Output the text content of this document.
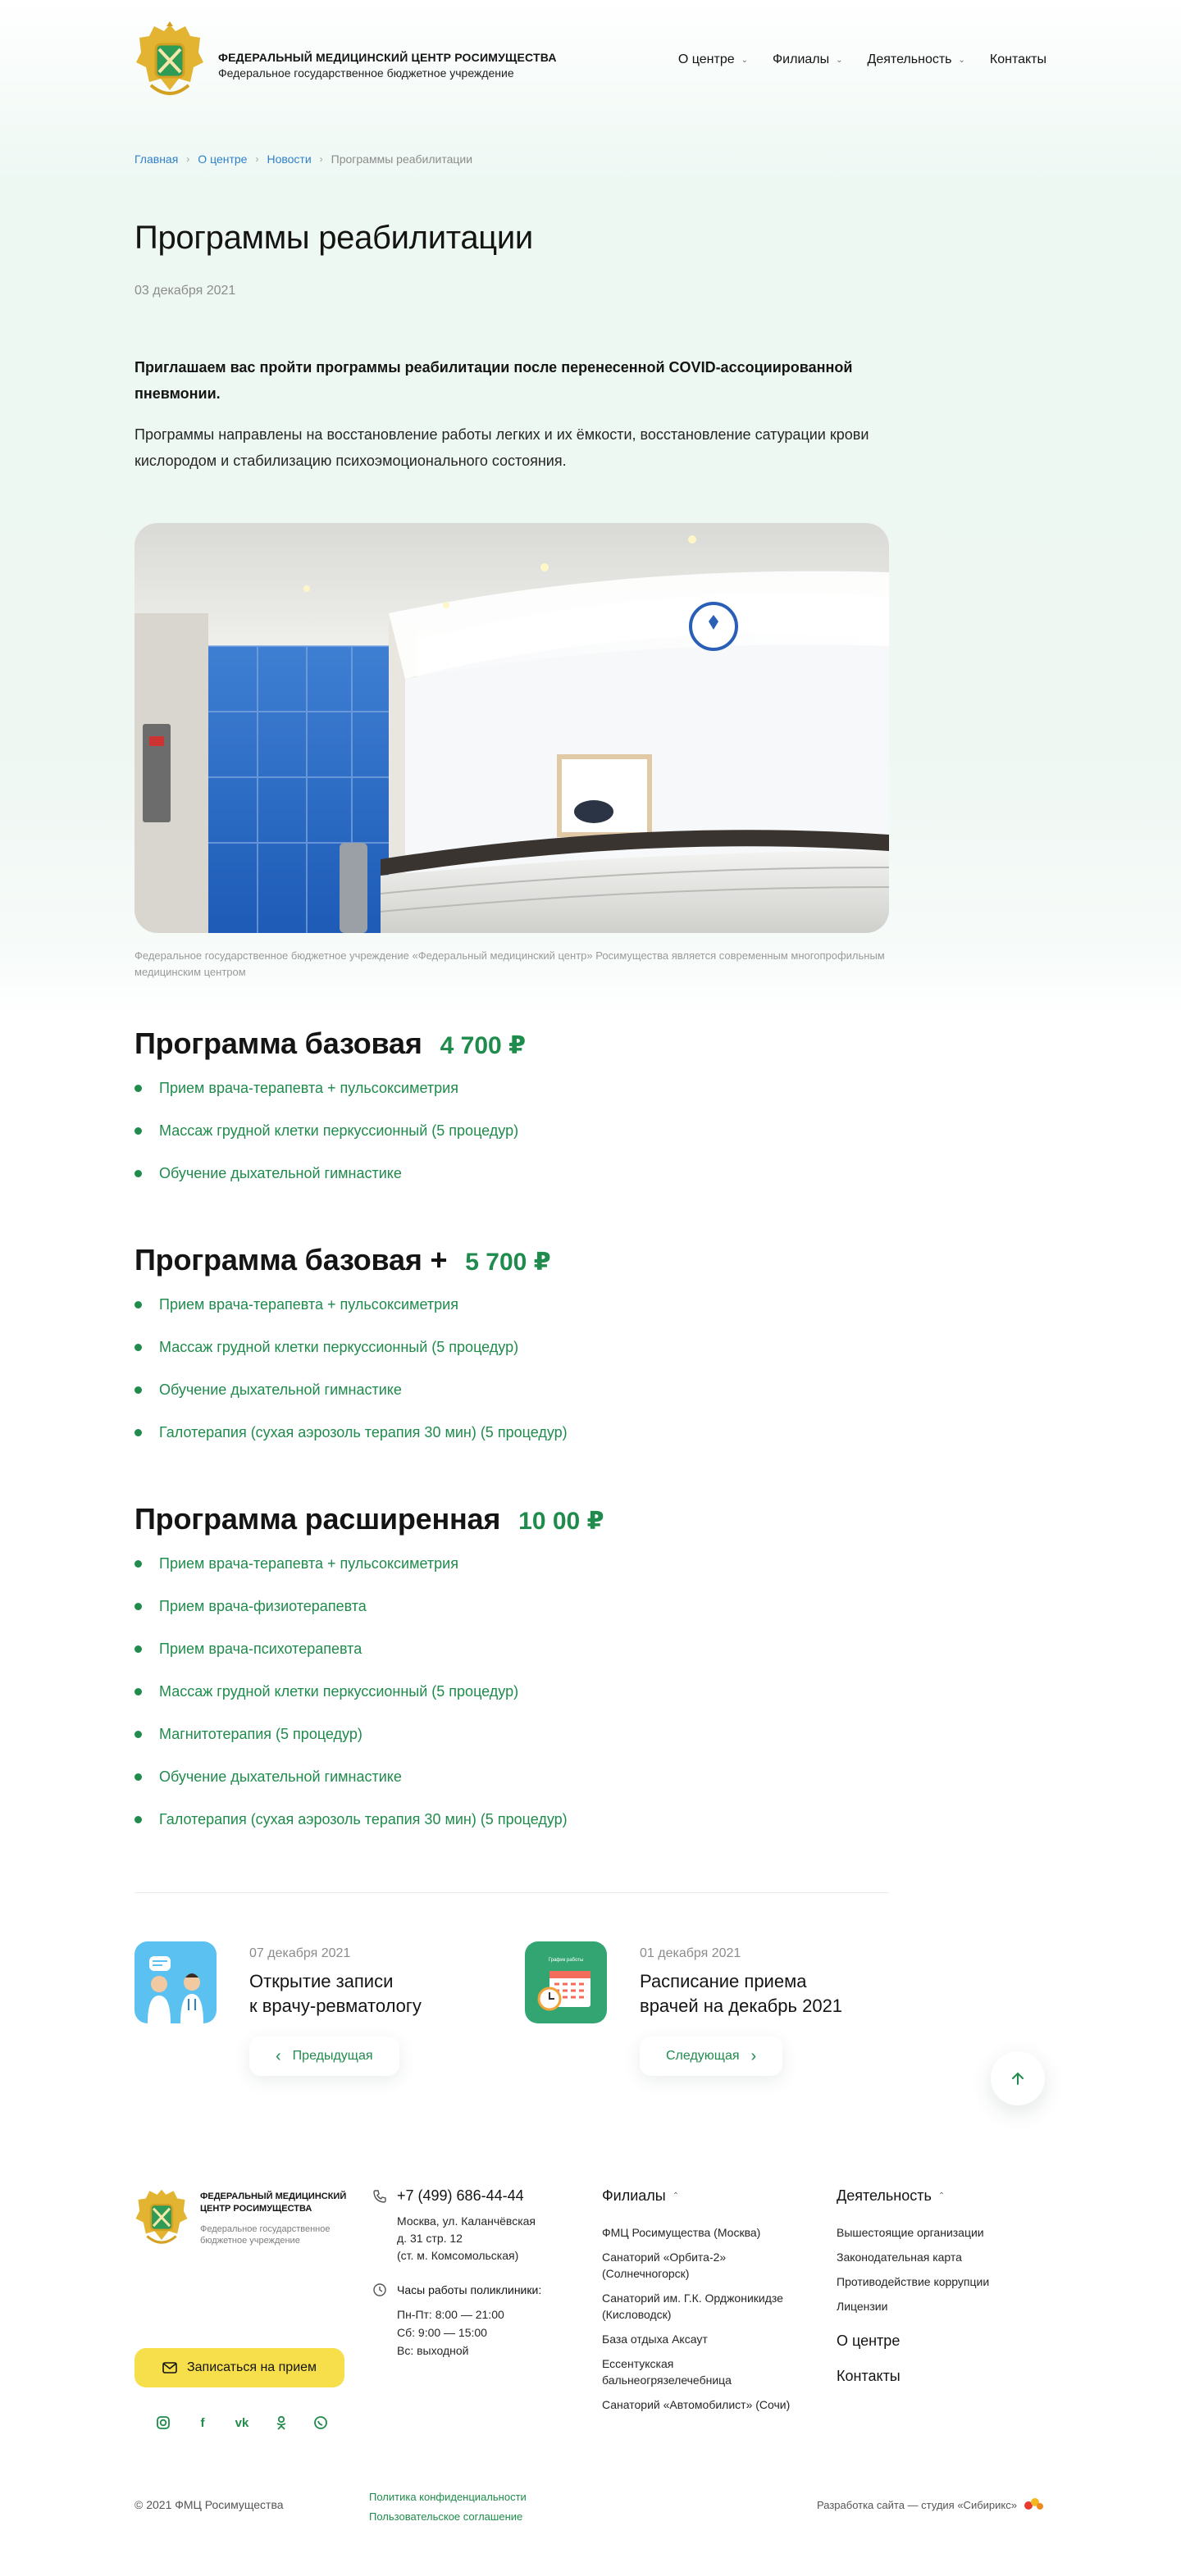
ФЕДЕРАЛЬНЫЙ МЕДИЦИНСКИЙ ЦЕНТР РОСИМУЩЕСТВА
Федеральное государственное бюджетное учреждение
О центре ⌄ Филиалы ⌄ Деятельность ⌄ Контакты
Главная › О центре › Новости › Программы реабилитации
Программы реабилитации
03 декабря 2021

Приглашаем вас пройти программы реабилитации после перенесенной COVID-ассоциированной пневмонии.

Программы направлены на восстановление работы легких и их ёмкости, восстановление сатурации крови кислородом и стабилизацию психоэмоционального состояния.

Федеральное государственное бюджетное учреждение «Федеральный медицинский центр» Росимущества является современным многопрофильным медицинским центром

Программа базовая 4 700 ₽
Прием врача-терапевта + пульсоксиметрия
Массаж грудной клетки перкуссионный (5 процедур)
Обучение дыхательной гимнастике
Программа базовая + 5 700 ₽
Прием врача-терапевта + пульсоксиметрия
Массаж грудной клетки перкуссионный (5 процедур)
Обучение дыхательной гимнастике
Галотерапия (сухая аэрозоль терапия 30 мин) (5 процедур)
Программа расширенная 10 00 ₽
Прием врача-терапевта + пульсоксиметрия
Прием врача-физиотерапевта
Прием врача-психотерапевта
Массаж грудной клетки перкуссионный (5 процедур)
Магнитотерапия (5 процедур)
Обучение дыхательной гимнастике
Галотерапия (сухая аэрозоль терапия 30 мин) (5 процедур)
07 декабря 2021
Открытие записи
к врачу-ревматологу
‹ Предыдущая
График работы	01 декабря 2021
Расписание приема
врачей на декабрь 2021
Следующая ›
ФЕДЕРАЛЬНЫЙ МЕДИЦИНСКИЙ ЦЕНТР РОСИМУЩЕСТВА
Федеральное государственное бюджетное учреждение
Записаться на прием
f	vk
+7 (499) 686-44-44
Москва, ул. Каланчёвская
д. 31 стр. 12
(ст. м. Комсомольская)
Часы работы поликлиники:
Пн-Пт: 8:00 — 21:00
Сб: 9:00 — 15:00
Вс: выходной
Филиалы ⌃
ФМЦ Росимущества (Москва)
Санаторий «Орбита-2» (Солнечногорск)
Санаторий им. Г.К. Орджоникидзе (Кисловодск)
База отдыха Аксаут
Ессентукская бальнеогрязелечебница
Санаторий «Автомобилист» (Сочи)
Деятельность ⌃
Вышестоящие организации
Законодательная карта
Противодействие коррупции
Лицензии
О центре
Контакты
© 2021 ФМЦ Росимущества
Политика конфиденциальности
Пользовательское соглашение
Разработка сайта — студия «Сибирикс»
